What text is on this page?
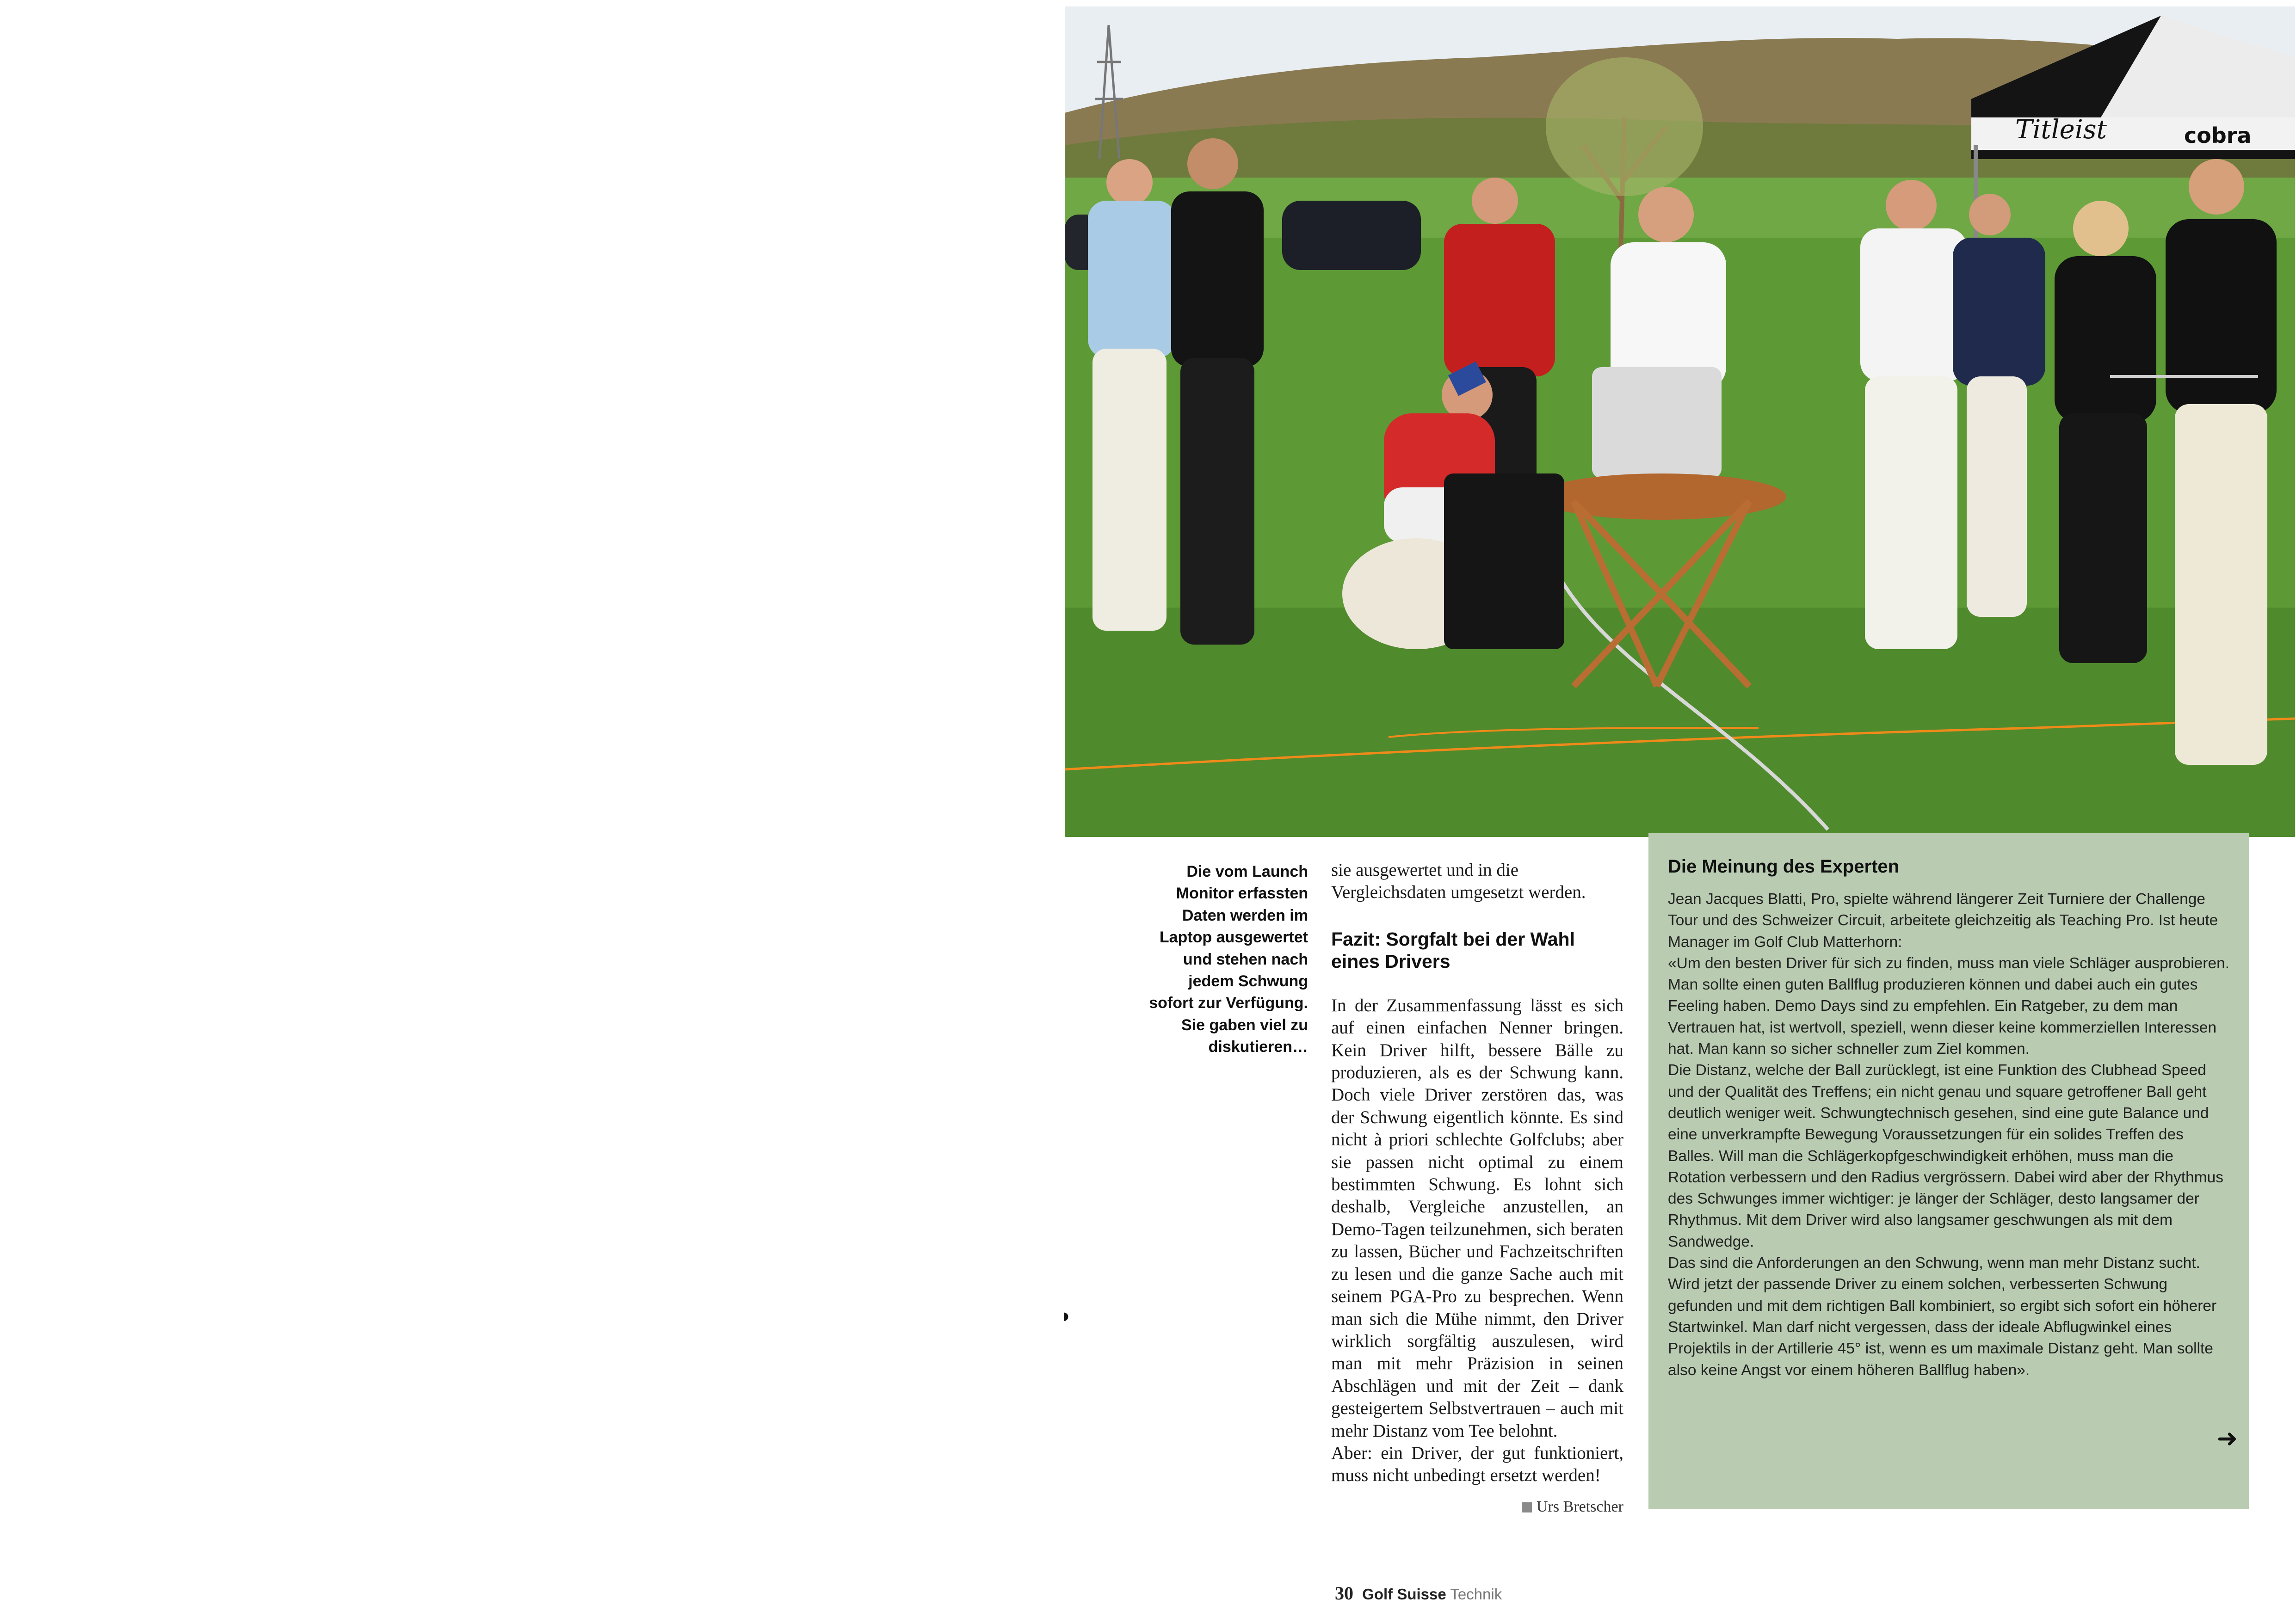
Titleist	cobra
Die vom Launch
Monitor erfassten
Daten werden im
Laptop ausgewertet
und stehen nach
jedem Schwung
sofort zur Verfügung.
Sie gaben viel zu
diskutieren…
◗

sie ausgewertet und in die Vergleichsdaten umgesetzt werden.

Fazit: Sorgfalt bei der Wahl eines Drivers

In der Zusammenfassung lässt es sich auf einen einfachen Nenner bringen. Kein Driver hilft, bessere Bälle zu produzieren, als es der Schwung kann. Doch viele Driver zerstören das, was der Schwung eigentlich könnte. Es sind nicht à priori schlechte Golfclubs; aber sie passen nicht optimal zu einem bestimmten Schwung. Es lohnt sich deshalb, Vergleiche anzustellen, an Demo-Tagen teilzunehmen, sich beraten zu lassen, Bücher und Fachzeitschriften zu lesen und die ganze Sache auch mit seinem PGA-Pro zu besprechen. Wenn man sich die Mühe nimmt, den Driver wirklich sorgfältig auszulesen, wird man mit mehr Präzision in seinen Abschlägen und mit der Zeit – dank gesteigertem Selbstvertrauen – auch mit mehr Distanz vom Tee belohnt.

Aber: ein Driver, der gut funktioniert, muss nicht unbedingt ersetzt werden!

Urs Bretscher
Die Meinung des Experten

Jean Jacques Blatti, Pro, spielte während längerer Zeit Turniere der Challenge Tour und des Schweizer Circuit, arbeitete gleichzeitig als Teaching Pro. Ist heute Manager im Golf Club Matterhorn:

«Um den besten Driver für sich zu finden, muss man viele Schläger ausprobieren. Man sollte einen guten Ballflug produzieren können und dabei auch ein gutes Feeling haben. Demo Days sind zu empfehlen. Ein Ratgeber, zu dem man Vertrauen hat, ist wertvoll, speziell, wenn dieser keine kommerziellen Interessen hat. Man kann so sicher schneller zum Ziel kommen.

Die Distanz, welche der Ball zurücklegt, ist eine Funktion des Clubhead Speed und der Qualität des Treffens; ein nicht genau und square getroffener Ball geht deutlich weniger weit. Schwungtechnisch gesehen, sind eine gute Balance und eine unverkrampfte Bewegung Voraussetzungen für ein solides Treffen des Balles. Will man die Schlägerkopfgeschwindigkeit erhöhen, muss man die Rotation verbessern und den Radius vergrössern. Dabei wird aber der Rhythmus des Schwunges immer wichtiger: je länger der Schläger, desto langsamer der Rhythmus. Mit dem Driver wird also langsamer geschwungen als mit dem Sandwedge.

Das sind die Anforderungen an den Schwung, wenn man mehr Distanz sucht. Wird jetzt der passende Driver zu einem solchen, verbesserten Schwung gefunden und mit dem richtigen Ball kombiniert, so ergibt sich sofort ein höherer Startwinkel. Man darf nicht vergessen, dass der ideale Abflugwinkel eines Projektils in der Artillerie 45° ist, wenn es um maximale Distanz geht. Man sollte also keine Angst vor einem höheren Ballflug haben».

➜
30 Golf Suisse Technik
